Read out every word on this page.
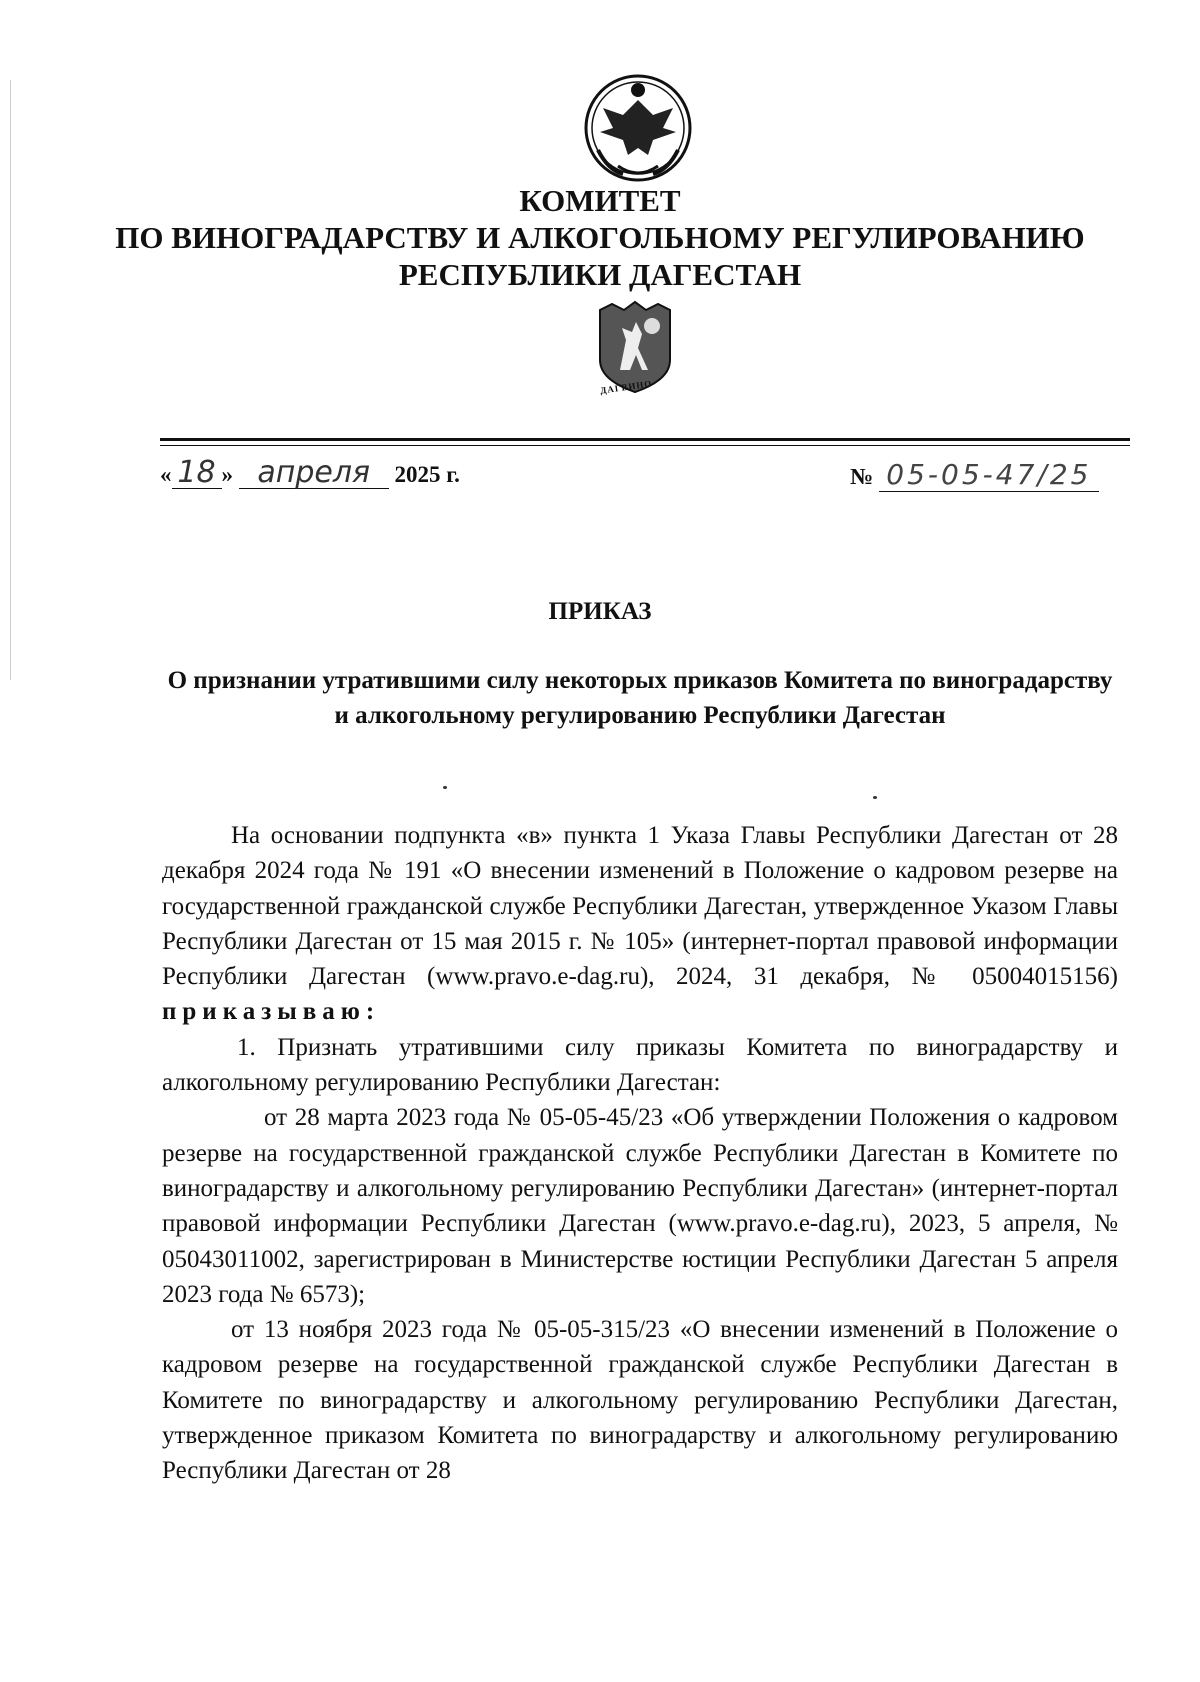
КОМИТЕТ
ПО ВИНОГРАДАРСТВУ И АЛКОГОЛЬНОМУ РЕГУЛИРОВАНИЮ
РЕСПУБЛИКИ ДАГЕСТАН
ДАГВИНО
« 18 » апреля 2025 г.	№ 05-05-47/25
ПРИКАЗ
О признании утратившими силу некоторых приказов Комитета по виноградарству и алкогольному регулированию Республики Дагестан

На основании подпункта «в» пункта 1 Указа Главы Республики Дагестан от 28 декабря 2024 года № 191 «О внесении изменений в Положение о кадровом резерве на государственной гражданской службе Республики Дагестан, утвержденное Указом Главы Республики Дагестан от 15 мая 2015 г. № 105» (интернет-портал правовой информации Республики Дагестан (www.pravo.e-dag.ru), 2024, 31 декабря, № 05004015156) приказываю:

1. Признать утратившими силу приказы Комитета по виноградарству и алкогольному регулированию Республики Дагестан:

от 28 марта 2023 года № 05-05-45/23 «Об утверждении Положения о кадровом резерве на государственной гражданской службе Республики Дагестан в Комитете по виноградарству и алкогольному регулированию Республики Дагестан» (интернет-портал правовой информации Республики Дагестан (www.pravo.e-dag.ru), 2023, 5 апреля, № 05043011002, зарегистрирован в Министерстве юстиции Республики Дагестан 5 апреля 2023 года № 6573);

от 13 ноября 2023 года № 05-05-315/23 «О внесении изменений в Положение о кадровом резерве на государственной гражданской службе Республики Дагестан в Комитете по виноградарству и алкогольному регулированию Республики Дагестан, утвержденное приказом Комитета по виноградарству и алкогольному регулированию Республики Дагестан от 28
